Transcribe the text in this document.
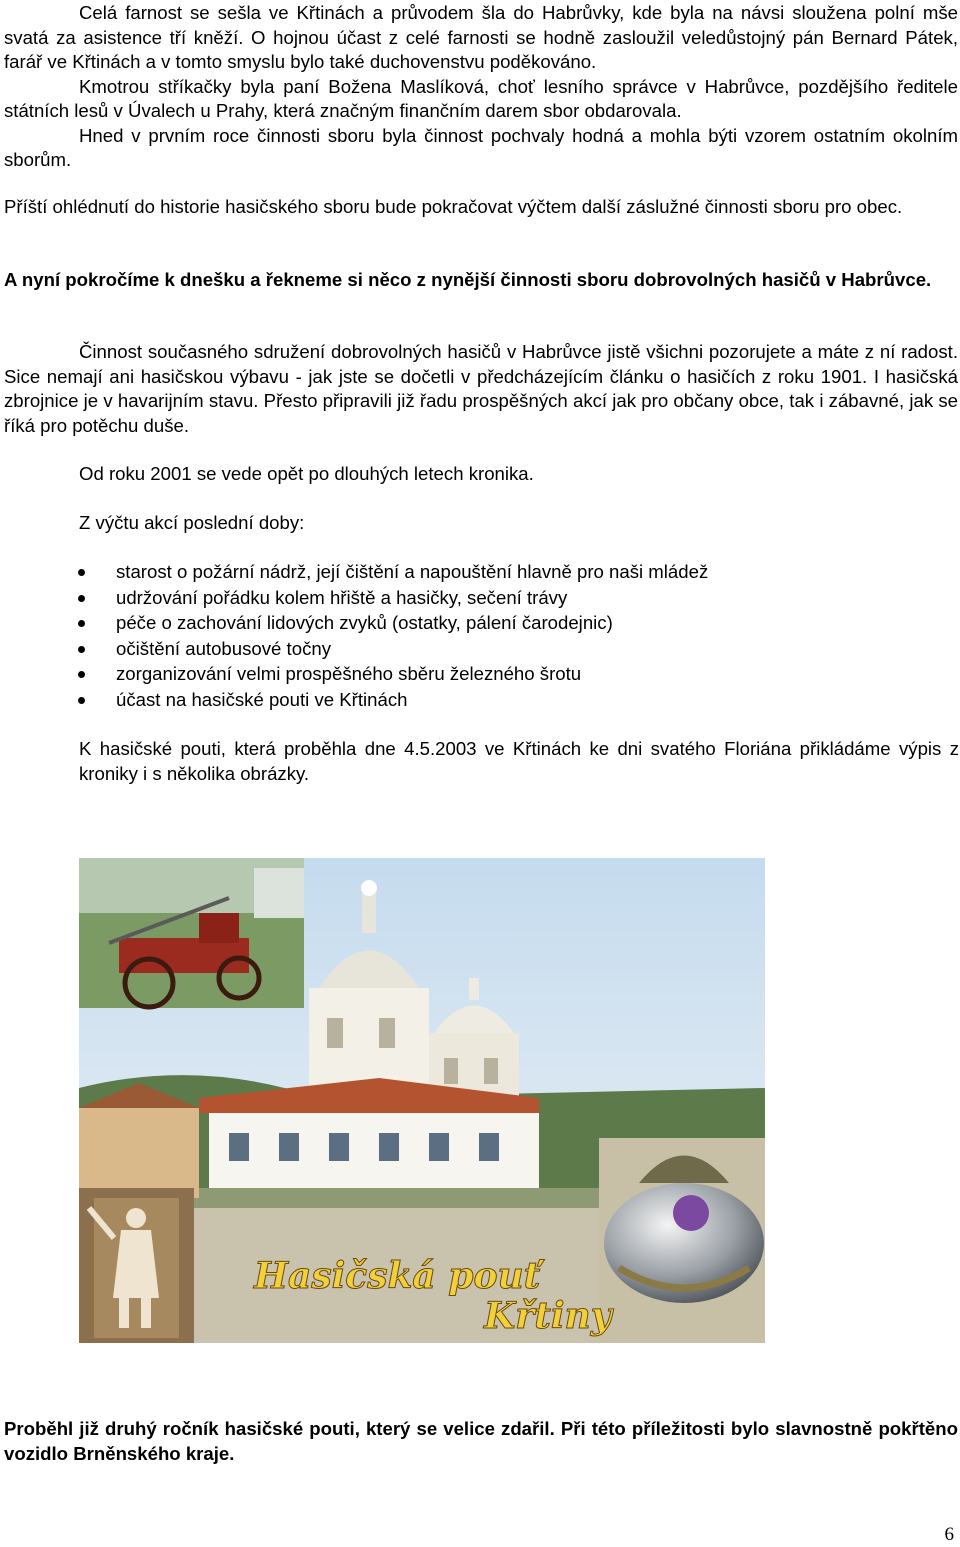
Celá farnost se sešla ve Křtinách a průvodem šla do Habrůvky, kde byla na návsi sloužena polní mše svatá za asistence tří kněží. O hojnou účast z celé farnosti se hodně zasloužil veledůstojný pán Bernard Pátek, farář ve Křtinách a v tomto smyslu bylo také duchovenstvu poděkováno.
Kmotrou stříkačky byla paní Božena Maslíková, choť lesního správce v Habrůvce, pozdějšího ředitele státních lesů v Úvalech u Prahy, která značným finančním darem sbor obdarovala.
Hned v prvním roce činnosti sboru byla činnost pochvaly hodná a mohla býti vzorem ostatním okolním sborům.

Příští ohlédnutí do historie hasičského sboru bude pokračovat výčtem další záslužné činnosti sboru pro obec.

A nyní pokročíme k dnešku a řekneme si něco z nynější činnosti sboru dobrovolných hasičů v Habrůvce.

Činnost současného sdružení dobrovolných hasičů v Habrůvce jistě všichni pozorujete a máte z ní radost. Sice nemají ani hasičskou výbavu - jak jste se dočetli v předcházejícím článku o hasičích z roku 1901. I hasičská zbrojnice je v havarijním stavu. Přesto připravili již řadu prospěšných akcí jak pro občany obce, tak i zábavné, jak se říká pro potěchu duše.

Od roku 2001 se vede opět po dlouhých letech kronika.

Z výčtu akcí poslední doby:

starost o požární nádrž, její čištění a napouštění hlavně pro naši mládež
udržování pořádku kolem hřiště a hasičky, sečení trávy
péče o zachování lidových zvyků (ostatky, pálení čarodejnic)
očištění autobusové točny
zorganizování velmi prospěšného sběru železného šrotu
účast na hasičské pouti ve Křtinách

K hasičské pouti, která proběhla dne 4.5.2003 ve Křtinách ke dni svatého Floriána přikládáme výpis z kroniky i s několika obrázky.

Hasičská pouť
Křtiny

Proběhl již druhý ročník hasičské pouti, který se velice zdařil. Při této příležitosti bylo slavnostně pokřtěno vozidlo Brněnského kraje.

6
